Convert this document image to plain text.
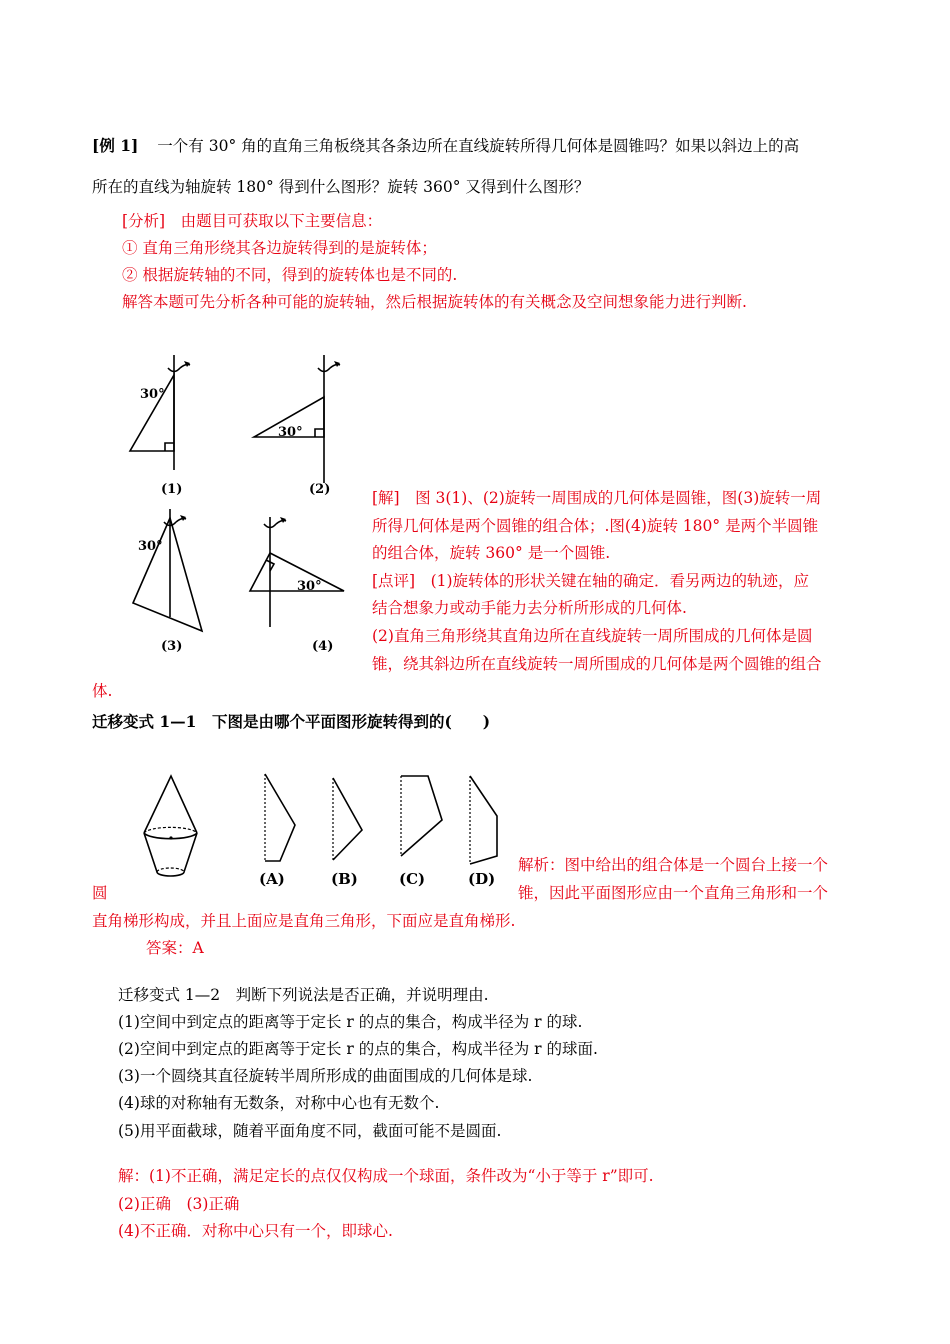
[例 1] 一个有 30° 角的直角三角板绕其各条边所在直线旋转所得几何体是圆锥吗？如果以斜边上的高
所在的直线为轴旋转 180° 得到什么图形？旋转 360° 又得到什么图形？
[分析]　由题目可获取以下主要信息：
① 直角三角形绕其各边旋转得到的是旋转体；
② 根据旋转轴的不同，得到的旋转体也是不同的.
解答本题可先分析各种可能的旋转轴，然后根据旋转体的有关概念及空间想象能力进行判断.
30°
30°
30°
30°
(1)	(2)
(3)	(4)
[解]　图 3(1)、(2)旋转一周围成的几何体是圆锥，图(3)旋转一周
所得几何体是两个圆锥的组合体；.图(4)旋转 180° 是两个半圆锥
的组合体，旋转 360° 是一个圆锥.
[点评]　(1)旋转体的形状关键在轴的确定．看另两边的轨迹，应
结合想象力或动手能力去分析所形成的几何体.
(2)直角三角形绕其直角边所在直线旋转一周所围成的几何体是圆
锥，绕其斜边所在直线旋转一周所围成的几何体是两个圆锥的组合
体.
迁移变式 1—1　下图是由哪个平面图形旋转得到的(　　)
(A)	(B)	(C)	(D)
解析：图中给出的组合体是一个圆台上接一个
圆	锥，因此平面图形应由一个直角三角形和一个
直角梯形构成，并且上面应是直角三角形，下面应是直角梯形.
答案：A
迁移变式 1—2　判断下列说法是否正确，并说明理由.
(1)空间中到定点的距离等于定长 r 的点的集合，构成半径为 r 的球.
(2)空间中到定点的距离等于定长 r 的点的集合，构成半径为 r 的球面.
(3)一个圆绕其直径旋转半周所形成的曲面围成的几何体是球.
(4)球的对称轴有无数条，对称中心也有无数个.
(5)用平面截球，随着平面角度不同，截面可能不是圆面.
解：(1)不正确，满足定长的点仅仅构成一个球面，条件改为“小于等于 r”即可.
(2)正确　(3)正确
(4)不正确．对称中心只有一个，即球心.
